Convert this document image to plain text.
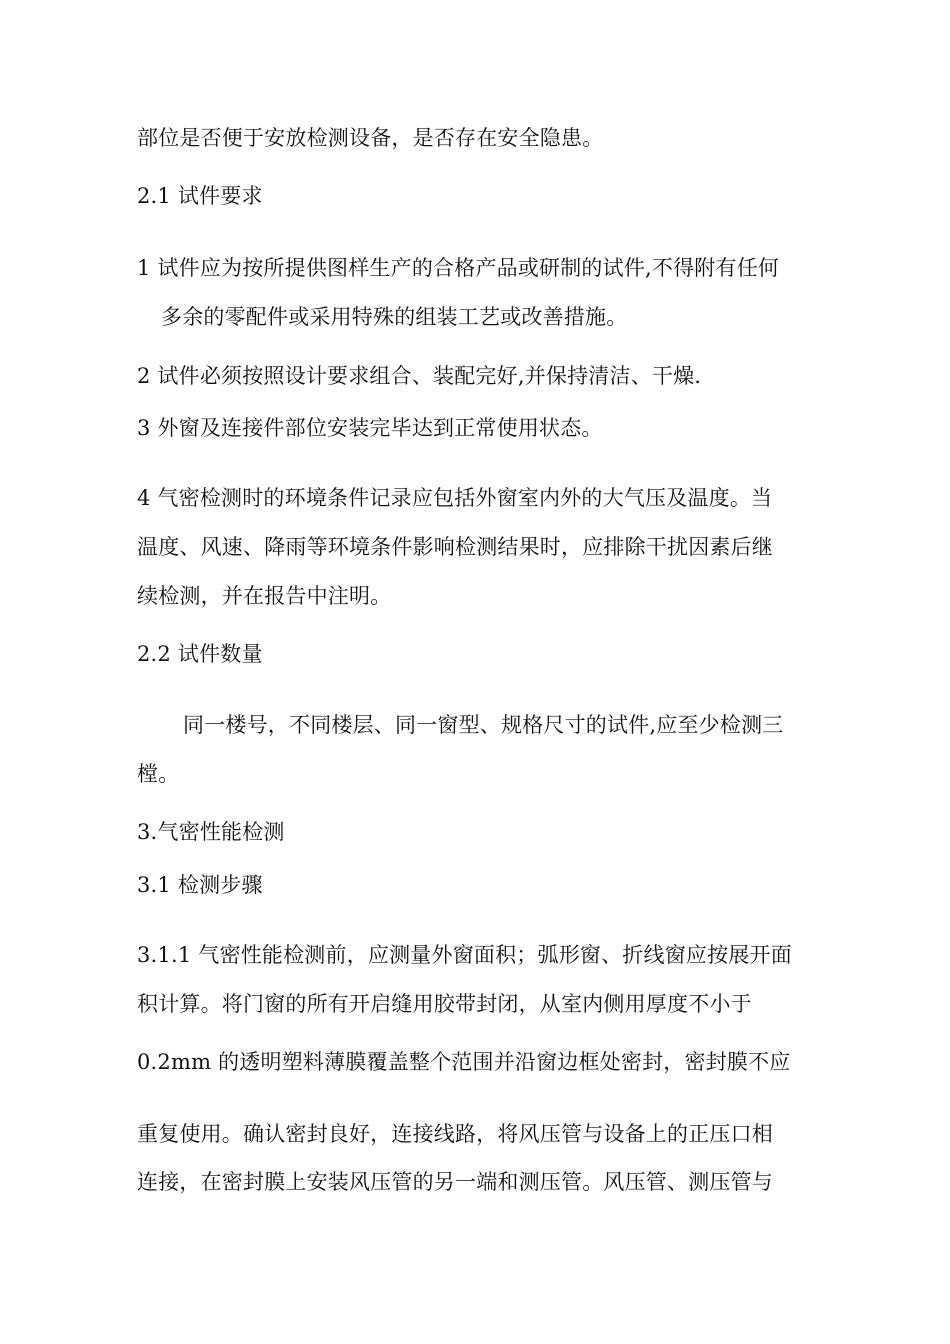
部位是否便于安放检测设备，是否存在安全隐患。
2.1 试件要求
1 试件应为按所提供图样生产的合格产品或研制的试件,不得附有任何
多余的零配件或采用特殊的组装工艺或改善措施。
2 试件必须按照设计要求组合、装配完好,并保持清洁、干燥.
3 外窗及连接件部位安装完毕达到正常使用状态。
4 气密检测时的环境条件记录应包括外窗室内外的大气压及温度。当
温度、风速、降雨等环境条件影响检测结果时，应排除干扰因素后继
续检测，并在报告中注明。
2.2 试件数量
同一楼号，不同楼层、同一窗型、规格尺寸的试件,应至少检测三
樘。
3.气密性能检测
3.1 检测步骤
3.1.1 气密性能检测前，应测量外窗面积；弧形窗、折线窗应按展开面
积计算。将门窗的所有开启缝用胶带封闭，从室内侧用厚度不小于
0.2mm 的透明塑料薄膜覆盖整个范围并沿窗边框处密封，密封膜不应
重复使用。确认密封良好，连接线路，将风压管与设备上的正压口相
连接，在密封膜上安装风压管的另一端和测压管。风压管、测压管与
